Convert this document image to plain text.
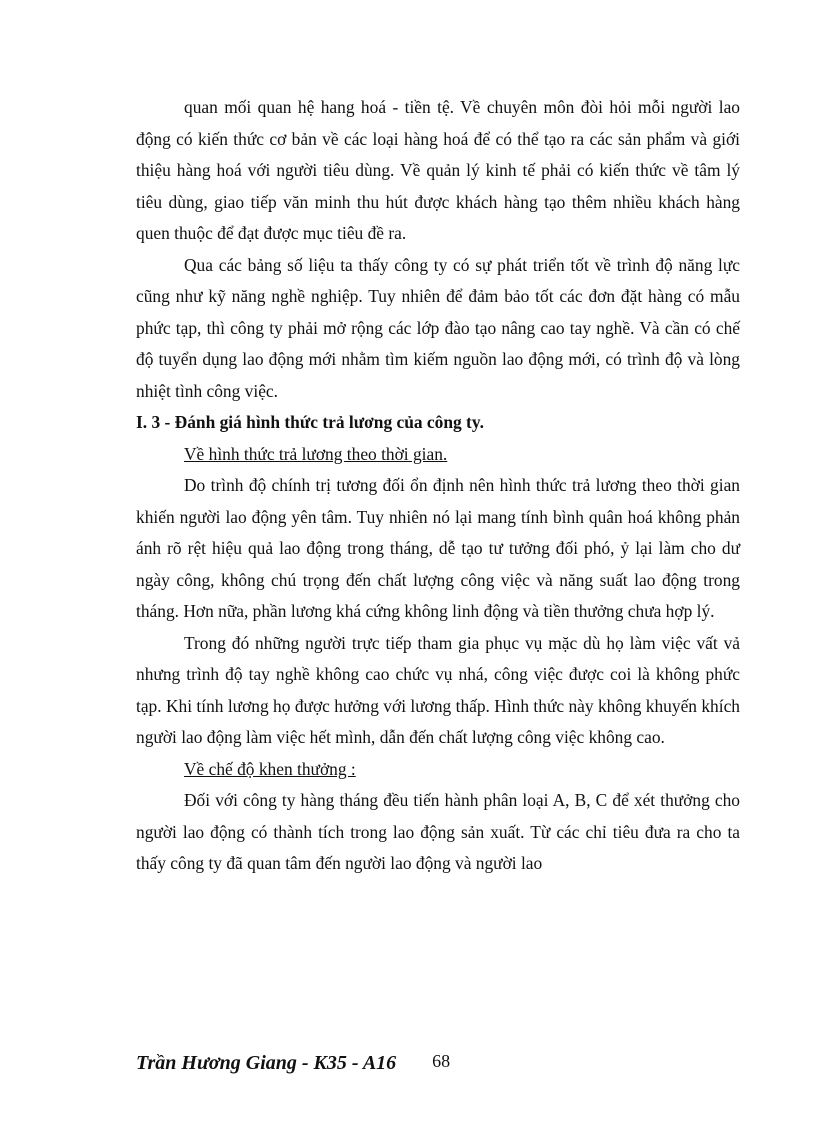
quan mối quan hệ hang hoá - tiền tệ. Về chuyên môn đòi hỏi mỗi người lao động có kiến thức cơ bản về các loại hàng hoá để có thể tạo ra các sản phẩm và giới thiệu hàng hoá với người tiêu dùng. Về quản lý kinh tế phải có kiến thức về tâm lý tiêu dùng, giao tiếp văn minh thu hút được khách hàng tạo thêm nhiều khách hàng quen thuộc để đạt được mục tiêu đề ra.

Qua các bảng số liệu ta thấy công ty có sự phát triển tốt về trình độ năng lực cũng như kỹ năng nghề nghiệp. Tuy nhiên để đảm bảo tốt các đơn đặt hàng có mẫu phức tạp, thì công ty phải mở rộng các lớp đào tạo nâng cao tay nghề. Và cần có chế độ tuyển dụng lao động mới nhằm tìm kiếm nguồn lao động mới, có trình độ và lòng nhiệt tình công việc.

I. 3 - Đánh giá hình thức trả lương của công ty.

Về hình thức trả lương theo thời gian.

Do trình độ chính trị tương đối ổn định nên hình thức trả lương theo thời gian khiến người lao động yên tâm. Tuy nhiên nó lại mang tính bình quân hoá không phản ánh rõ rệt hiệu quả lao động trong tháng, dễ tạo tư tưởng đối phó, ỷ lại làm cho dư ngày công, không chú trọng đến chất lượng công việc và năng suất lao động trong tháng. Hơn nữa, phần lương khá cứng không linh động và tiền thưởng chưa hợp lý.

Trong đó những người trực tiếp tham gia phục vụ mặc dù họ làm việc vất vả nhưng trình độ tay nghề không cao chức vụ nhá, công việc được coi là không phức tạp. Khi tính lương họ được hưởng với lương thấp. Hình thức này không khuyến khích người lao động làm việc hết mình, dẫn đến chất lượng công việc không cao.

Về chế độ khen thưởng :

Đối với công ty hàng tháng đều tiến hành phân loại A, B, C để xét thưởng cho người lao động có thành tích trong lao động sản xuất. Từ các chỉ tiêu đưa ra cho ta thấy công ty đã quan tâm đến người lao động và người lao

Trần Hương Giang - K35 - A16 68
